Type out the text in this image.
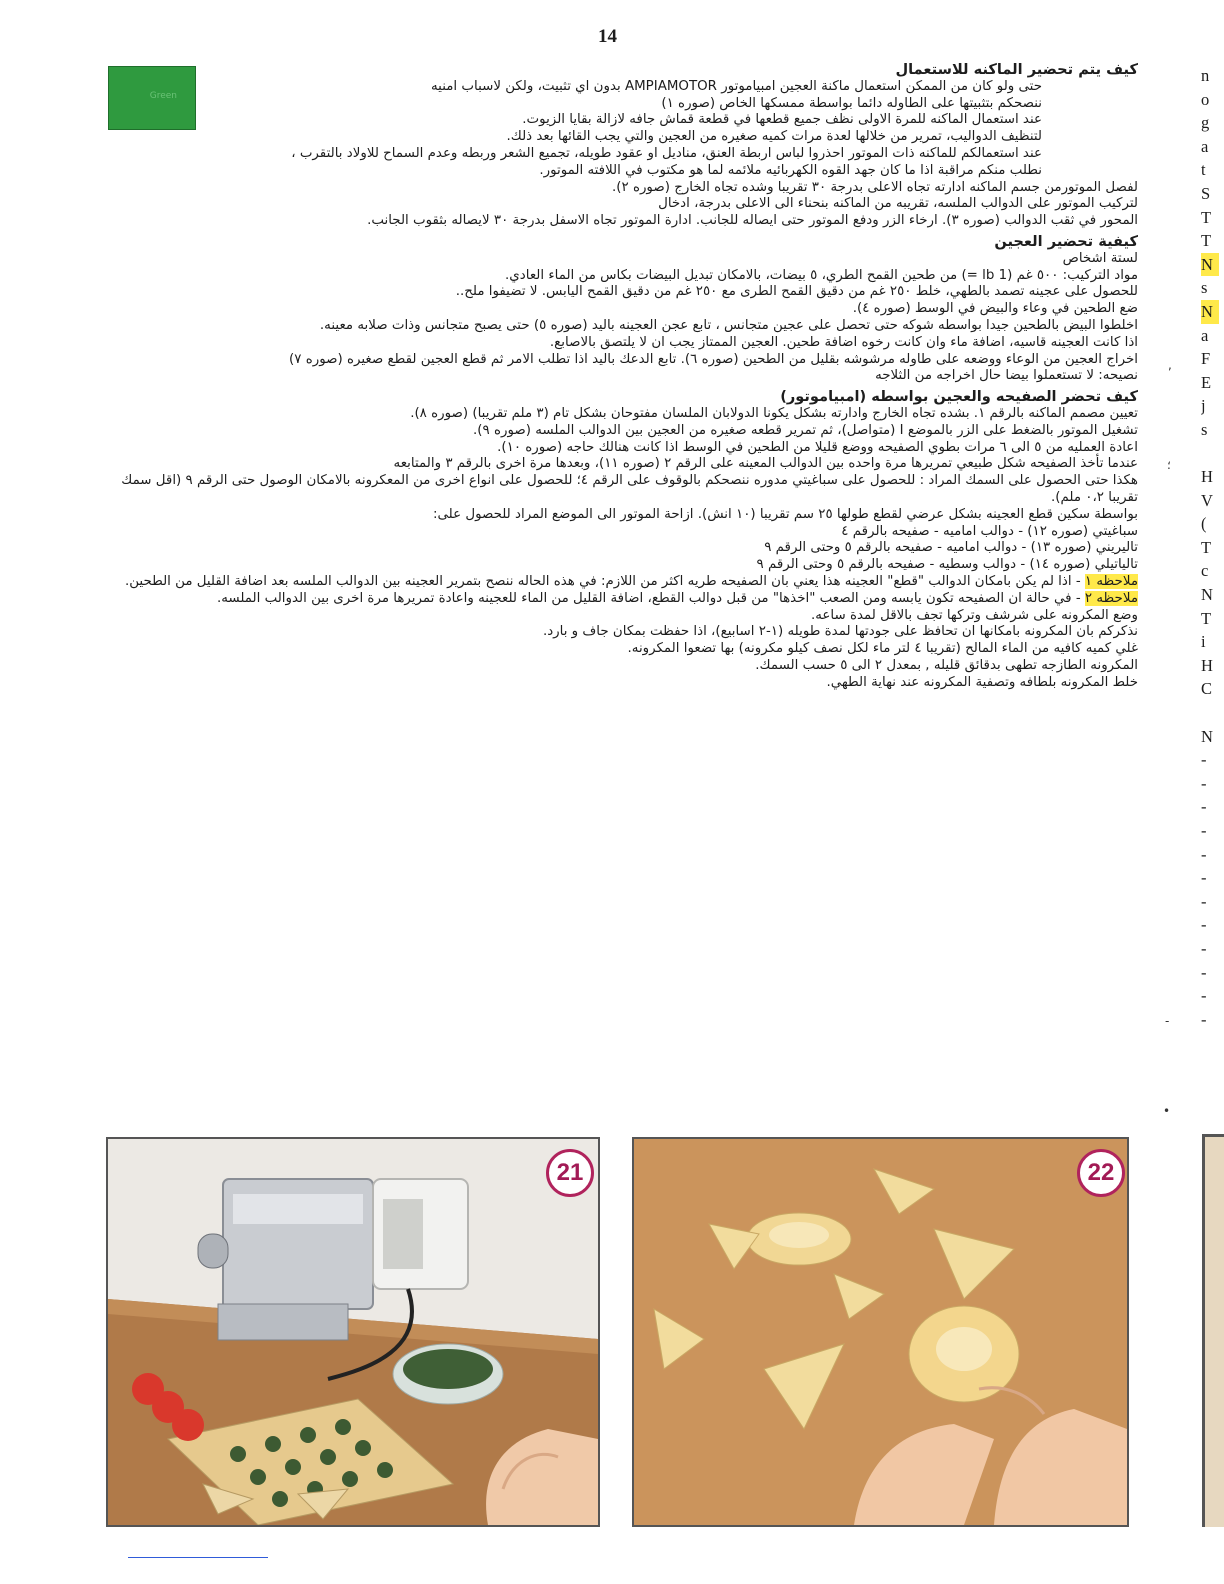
14
Green
كيف يتم تحضير الماكنه للاستعمال

حتى ولو كان من الممكن استعمال ماكنة العجين امبياموتور AMPIAMOTOR بدون اي تثبيت، ولكن لاسباب امنيه

ننصحكم بتثبيتها على الطاوله دائما بواسطة ممسكها الخاص (صوره ١)

عند استعمال الماكنه للمرة الاولى نظف جميع قطعها في قطعة قماش جافه لازالة بقايا الزيوت.

لتنظيف الدواليب، تمرير من خلالها لعدة مرات كميه صغيره من العجين والتي يجب القائها بعد ذلك.

عند استعمالكم للماكنه ذات الموتور احذروا لباس اربطة العنق، مناديل او عقود طويله، تجميع الشعر وربطه وعدم السماح للاولاد بالتقرب ،

نطلب منكم مراقبة اذا ما كان جهد القوه الكهربائيه ملائمه لما هو مكتوب في اللافته الموتور.

لفصل الموتورمن جسم الماكنه ادارته تجاه الاعلى بدرجة ٣٠ تقريبا وشده تجاه الخارج (صوره ٢).

لتركيب الموتور على الدوالب الملسه، تقريبه من الماكنه بنحناء الى الاعلى بدرجة، ادخال

المحور في ثقب الدوالب (صوره ٣). ارخاء الزر ودفع الموتور حتى ايصاله للجانب. ادارة الموتور تجاه الاسفل بدرجة ٣٠ لايصاله بثقوب الجانب.

كيفية تحضير العجين

لستة اشخاص

مواد التركيب: ٥٠٠ غم (lb 1 =) من طحين القمح الطري، ٥ بيضات، بالامكان تبديل البيضات بكاس من الماء العادي.

للحصول على عجينه تصمد بالطهي، خلط ٢٥٠ غم من دقيق القمح الطرى مع ٢٥٠ غم من دقيق القمح اليابس. لا تضيفوا ملح..

ضع الطحين في وعاء والبيض في الوسط (صوره ٤).

اخلطوا البيض بالطحين جيدا بواسطه شوكه حتى تحصل على عجين متجانس ، تابع عجن العجينه باليد (صوره ٥) حتى يصبح متجانس وذات صلابه معينه.

اذا كانت العجينه قاسيه، اضافة ماء وان كانت رخوه اضافة طحين. العجين الممتاز يجب ان لا يلتصق بالاصابع.

اخراج العجين من الوعاء ووضعه على طاوله مرشوشه بقليل من الطحين (صوره ٦). تابع الدعك باليد اذا تطلب الامر ثم قطع العجين لقطع صغيره (صوره ٧)

نصيحه: لا تستعملوا بيضا حال اخراجه من الثلاجه

كيف تحضر الصفيحه والعجين بواسطه (امبياموتور)

تعيين مصمم الماكنه بالرقم ١. بشده تجاه الخارج وادارته بشكل يكونا الدولابان الملسان مفتوحان بشكل تام (٣ ملم تقريبا) (صوره ٨).

تشغيل الموتور بالضغط على الزر بالموضع I (متواصل)، ثم تمرير قطعه صغيره من العجين بين الدوالب الملسه (صوره ٩).

اعادة العمليه من ٥ الى ٦ مرات بطوي الصفيحه ووضع قليلا من الطحين في الوسط اذا كانت هنالك حاجه (صوره ١٠).

عندما تأخذ الصفيحه شكل طبيعي تمريرها مرة واحده بين الدوالب المعينه على الرقم ٢ (صوره ١١)، وبعدها مرة اخرى بالرقم ٣ والمتابعه

هكذا حتى الحصول على السمك المراد : للحصول على سباغيتي مدوره ننصحكم بالوقوف على الرقم ٤؛ للحصول على انواع اخرى من المعكرونه بالامكان الوصول حتى الرقم ٩ (اقل سمك تقريبا ٠،٢ ملم).

بواسطة سكين قطع العجينه بشكل عرضي لقطع طولها ٢٥ سم تقريبا (١٠ انش). ازاحة الموتور الى الموضع المراد للحصول على:

سباغيتي (صوره ١٢) - دوالب اماميه - صفيحه بالرقم ٤

تاليريني (صوره ١٣) - دوالب اماميه - صفيحه بالرقم ٥ وحتى الرقم ٩

تالياتيلي (صوره ١٤) - دوالب وسطيه - صفيحه بالرقم ٥ وحتى الرقم ٩

ملاحظه ١ - اذا لم يكن بامكان الدوالب "قطع" العجينه هذا يعني بان الصفيحه طريه اكثر من اللازم: في هذه الحاله ننصح بتمرير العجينه بين الدوالب الملسه بعد اضافة القليل من الطحين.

ملاحظه ٢ - في حالة ان الصفيحه تكون يابسه ومن الصعب "اخذها" من قبل دوالب القطع، اضافة القليل من الماء للعجينه واعادة تمريرها مرة اخرى بين الدوالب الملسه.

وضع المكرونه على شرشف وتركها تجف بالاقل لمدة ساعه.

نذكركم بان المكرونه بامكانها ان تحافظ على جودتها لمدة طويله (١-٢ اسابيع)، اذا حفظت بمكان جاف و بارد.

غلي كميه كافيه من الماء المالح (تقريبا ٤ لتر ماء لكل نصف كيلو مكرونه) بها تضعوا المكرونه.

المكرونه الطازجه تطهى بدقائق قليله , بمعدل ٢ الى ٥ حسب السمك.

خلط المكرونه بلطافه وتصفية المكرونه عند نهاية الطهي.

n
o
g
a
t
S
T
T
N
s
N
a
F
E
j
s
H
V
(
T
c
N
T
i
H
C
N
-
-
-
-
-
-
-
-
-
-
-
-
,
؛
-
•
21	22
